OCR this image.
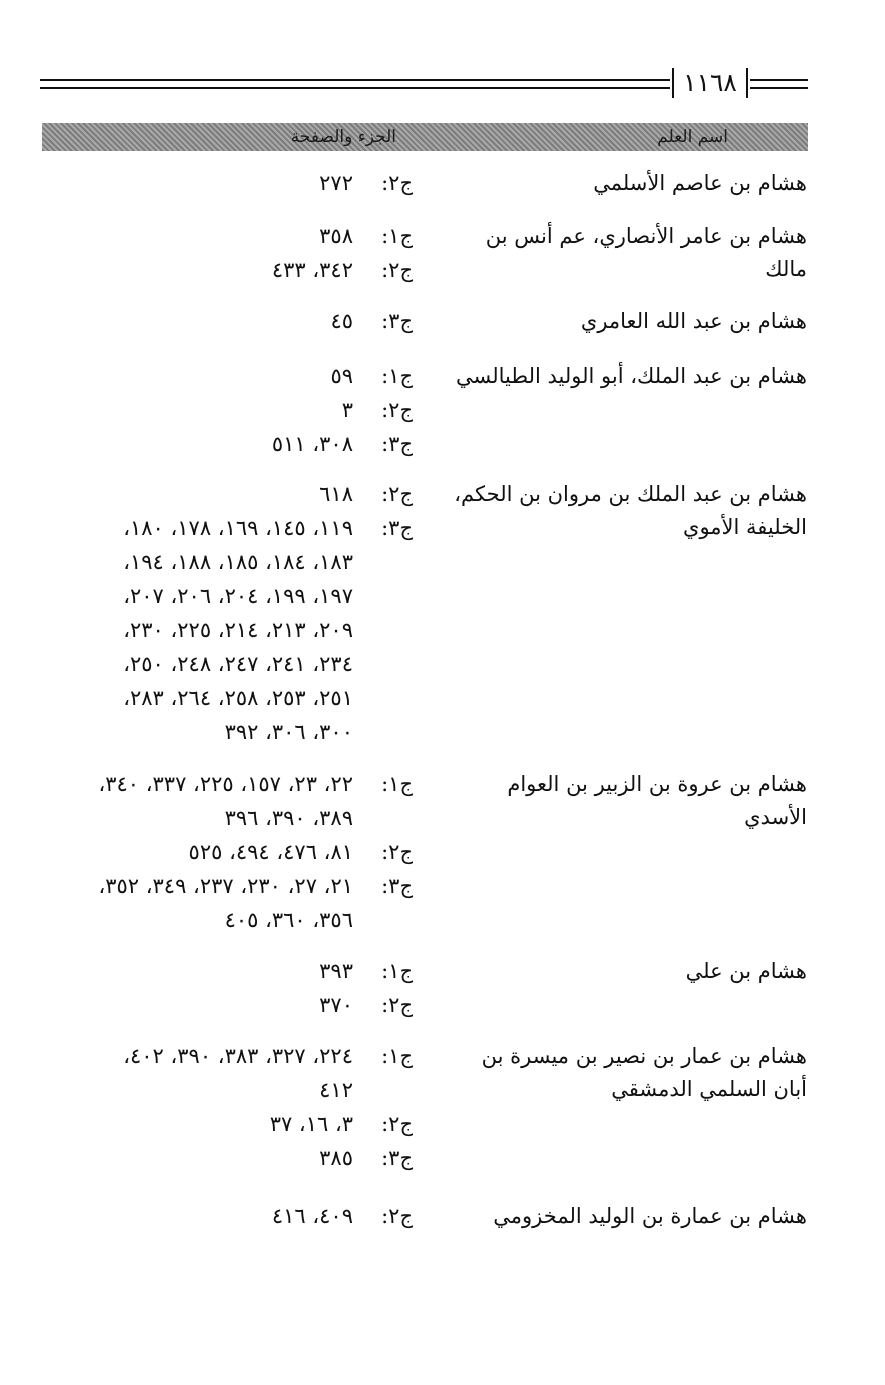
١١٦٨
اسم العلم
الجزء والصفحة
هشام بن عاصم الأسلمي
ج٢:
٢٧٢
هشام بن عامر الأنصاري، عم أنس بن مالك
ج١:
٣٥٨
ج٢:
٣٤٢، ٤٣٣
هشام بن عبد الله العامري
ج٣:
٤٥
هشام بن عبد الملك، أبو الوليد الطيالسي
ج١:
٥٩
ج٢:
٣
ج٣:
٣٠٨، ٥١١
هشام بن عبد الملك بن مروان بن الحكم، الخليفة الأموي
ج٢:
٦١٨
ج٣:
١١٩، ١٤٥، ١٦٩، ١٧٨، ١٨٠،
١٨٣، ١٨٤، ١٨٥، ١٨٨، ١٩٤،
١٩٧، ١٩٩، ٢٠٤، ٢٠٦، ٢٠٧،
٢٠٩، ٢١٣، ٢١٤، ٢٢٥، ٢٣٠،
٢٣٤، ٢٤١، ٢٤٧، ٢٤٨، ٢٥٠،
٢٥١، ٢٥٣، ٢٥٨، ٢٦٤، ٢٨٣،
٣٠٠، ٣٠٦، ٣٩٢
هشام بن عروة بن الزبير بن العوام الأسدي
ج١:
٢٢، ٢٣، ١٥٧، ٢٢٥، ٣٣٧، ٣٤٠،
٣٨٩، ٣٩٠، ٣٩٦
ج٢:
٨١، ٤٧٦، ٤٩٤، ٥٢٥
ج٣:
٢١، ٢٧، ٢٣٠، ٢٣٧، ٣٤٩، ٣٥٢،
٣٥٦، ٣٦٠، ٤٠٥
هشام بن علي
ج١:
٣٩٣
ج٢:
٣٧٠
هشام بن عمار بن نصير بن ميسرة بن أبان السلمي الدمشقي
ج١:
٢٢٤، ٣٢٧، ٣٨٣، ٣٩٠، ٤٠٢،
٤١٢
ج٢:
٣، ١٦، ٣٧
ج٣:
٣٨٥
هشام بن عمارة بن الوليد المخزومي
ج٢:
٤٠٩، ٤١٦
